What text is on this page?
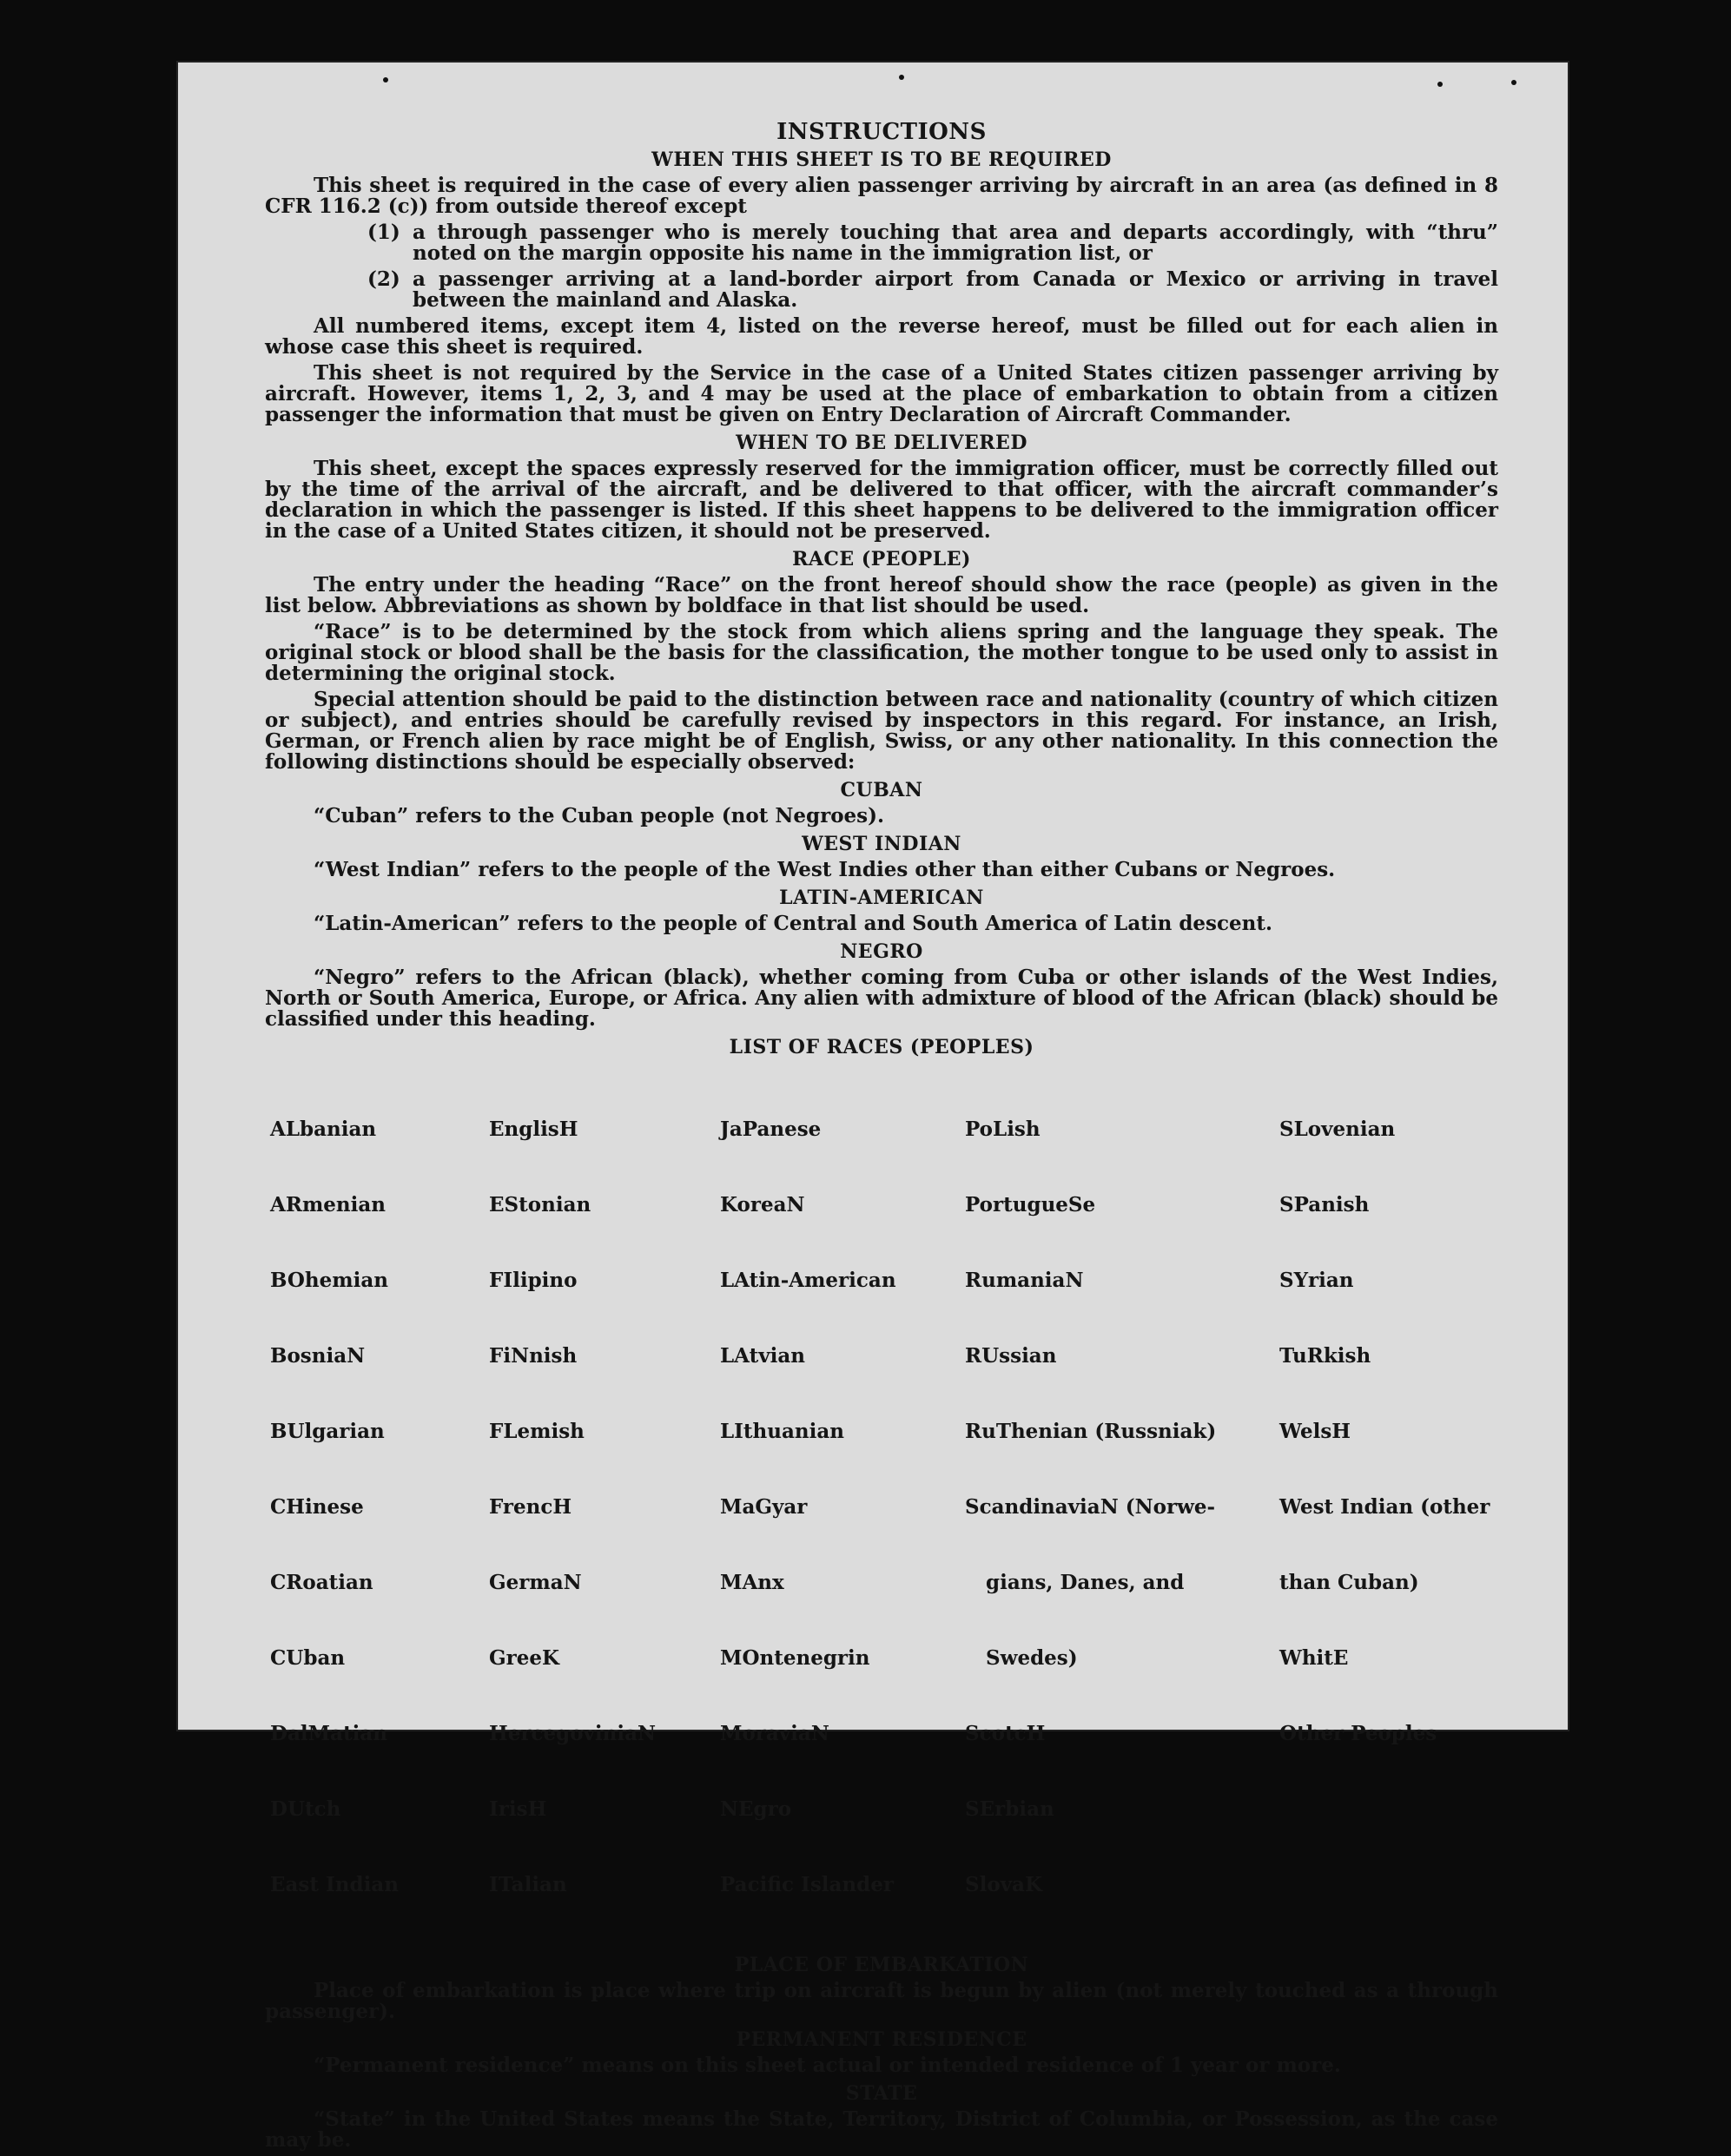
INSTRUCTIONS
WHEN THIS SHEET IS TO BE REQUIRED

This sheet is required in the case of every alien passenger arriving by aircraft in an area (as defined in 8 CFR 116.2 (c)) from outside thereof except

(1) a through passenger who is merely touching that area and departs accordingly, with “thru” noted on the margin opposite his name in the immigration list, or
(2) a passenger arriving at a land-border airport from Canada or Mexico or arriving in travel between the mainland and Alaska.

All numbered items, except item 4, listed on the reverse hereof, must be filled out for each alien in whose case this sheet is required.

This sheet is not required by the Service in the case of a United States citizen passenger arriving by aircraft. However, items 1, 2, 3, and 4 may be used at the place of embarkation to obtain from a citizen passenger the information that must be given on Entry Declaration of Aircraft Commander.

WHEN TO BE DELIVERED

This sheet, except the spaces expressly reserved for the immigration officer, must be correctly filled out by the time of the arrival of the aircraft, and be delivered to that officer, with the aircraft commander’s declaration in which the passenger is listed. If this sheet happens to be delivered to the immigration officer in the case of a United States citizen, it should not be preserved.

RACE (PEOPLE)

The entry under the heading “Race” on the front hereof should show the race (people) as given in the list below. Abbreviations as shown by boldface in that list should be used.

“Race” is to be determined by the stock from which aliens spring and the language they speak. The original stock or blood shall be the basis for the classification, the mother tongue to be used only to assist in determining the original stock.

Special attention should be paid to the distinction between race and nationality (country of which citizen or subject), and entries should be carefully revised by inspectors in this regard. For instance, an Irish, German, or French alien by race might be of English, Swiss, or any other nationality. In this connection the following distinctions should be especially observed:

CUBAN

“Cuban” refers to the Cuban people (not Negroes).

WEST INDIAN

“West Indian” refers to the people of the West Indies other than either Cubans or Negroes.

LATIN-AMERICAN

“Latin-American” refers to the people of Central and South America of Latin descent.

NEGRO

“Negro” refers to the African (black), whether coming from Cuba or other islands of the West Indies, North or South America, Europe, or Africa. Any alien with admixture of blood of the African (black) should be classified under this heading.

LIST OF RACES (PEOPLES)

ALbanian

ARmenian

BOhemian

BosniaN

BUlgarian

CHinese

CRoatian

CUban

DalMatian

DUtch

East Indian

EnglisH

EStonian

FIlipino

FiNnish

FLemish

FrencH

GermaN

GreeK

HercegoviniaN

IrisH

ITalian

JaPanese

KoreaN

LAtin-American

LAtvian

LIthuanian

MaGyar

MAnx

MOntenegrin

MoraviaN

NEgro

Pacific Islander

PoLish

PortugueSe

RumaniaN

RUssian

RuThenian (Russniak)

ScandinaviaN (Norwe-

gians, Danes, and

Swedes)

ScotcH

SErbian

SlovaK

SLovenian

SPanish

SYrian

TuRkish

WelsH

West Indian (other

than Cuban)

WhitE

Other Peoples

PLACE OF EMBARKATION

Place of embarkation is place where trip on aircraft is begun by alien (not merely touched as a through passenger).

PERMANENT RESIDENCE

“Permanent residence” means on this sheet actual or intended residence of 1 year or more.

STATE

“State” in the United States means the State, Territory, District of Columbia, or Possession, as the case may be.
